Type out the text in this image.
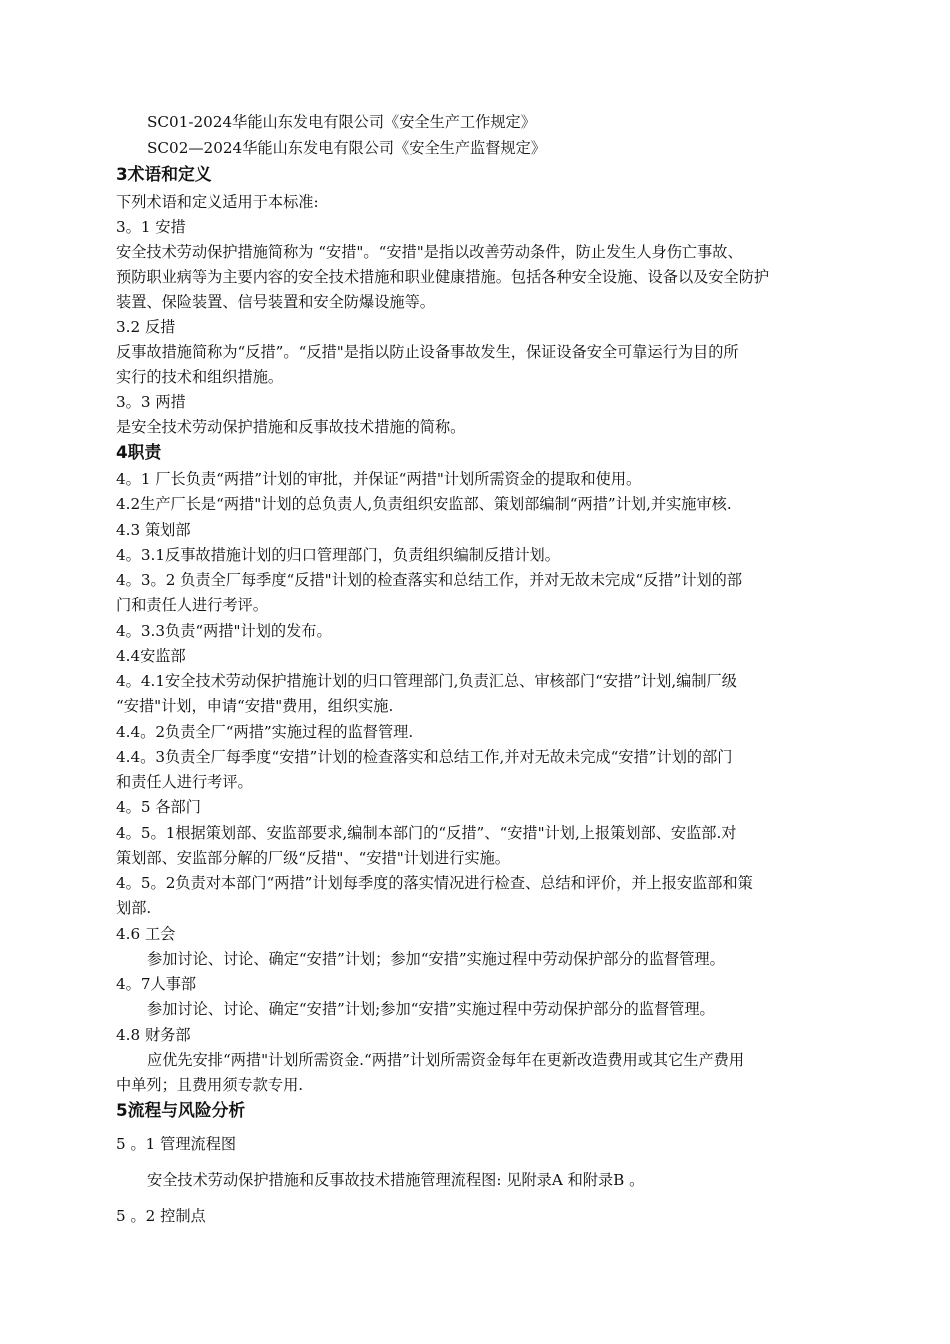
SC01-2024华能山东发电有限公司《安全生产工作规定》
SC02—2024华能山东发电有限公司《安全生产监督规定》
3术语和定义
下列术语和定义适用于本标准:
3。1 安措
安全技术劳动保护措施简称为 “安措"。“安措"是指以改善劳动条件，防止发生人身伤亡事故、
预防职业病等为主要内容的安全技术措施和职业健康措施。包括各种安全设施、设备以及安全防护
装置、保险装置、信号装置和安全防爆设施等。
3.2 反措
反事故措施简称为“反措”。“反措"是指以防止设备事故发生，保证设备安全可靠运行为目的所
实行的技术和组织措施。
3。3 两措
是安全技术劳动保护措施和反事故技术措施的简称。
4职责
4。1 厂长负责“两措”计划的审批，并保证“两措"计划所需资金的提取和使用。
4.2生产厂长是“两措"计划的总负责人,负责组织安监部、策划部编制“两措”计划,并实施审核.
4.3 策划部
4。3.1反事故措施计划的归口管理部门，负责组织编制反措计划。
4。3。2 负责全厂每季度“反措"计划的检查落实和总结工作，并对无故未完成“反措”计划的部
门和责任人进行考评。
4。3.3负责“两措"计划的发布。
4.4安监部
4。4.1安全技术劳动保护措施计划的归口管理部门,负责汇总、审核部门“安措”计划,编制厂级
“安措"计划，申请“安措"费用，组织实施.
4.4。2负责全厂“两措”实施过程的监督管理.
4.4。3负责全厂每季度“安措”计划的检查落实和总结工作,并对无故未完成“安措”计划的部门
和责任人进行考评。
4。5 各部门
4。5。1根据策划部、安监部要求,编制本部门的“反措”、“安措"计划,上报策划部、安监部.对
策划部、安监部分解的厂级“反措"、“安措"计划进行实施。
4。5。2负责对本部门“两措”计划每季度的落实情况进行检查、总结和评价，并上报安监部和策
划部.
4.6 工会
参加讨论、讨论、确定“安措”计划；参加“安措”实施过程中劳动保护部分的监督管理。
4。7人事部
参加讨论、讨论、确定“安措”计划;参加“安措”实施过程中劳动保护部分的监督管理。
4.8 财务部
应优先安排“两措"计划所需资金.“两措”计划所需资金每年在更新改造费用或其它生产费用
中单列；且费用须专款专用.
5流程与风险分析
5 。1 管理流程图
安全技术劳动保护措施和反事故技术措施管理流程图: 见附录A 和附录B 。
5 。2 控制点
